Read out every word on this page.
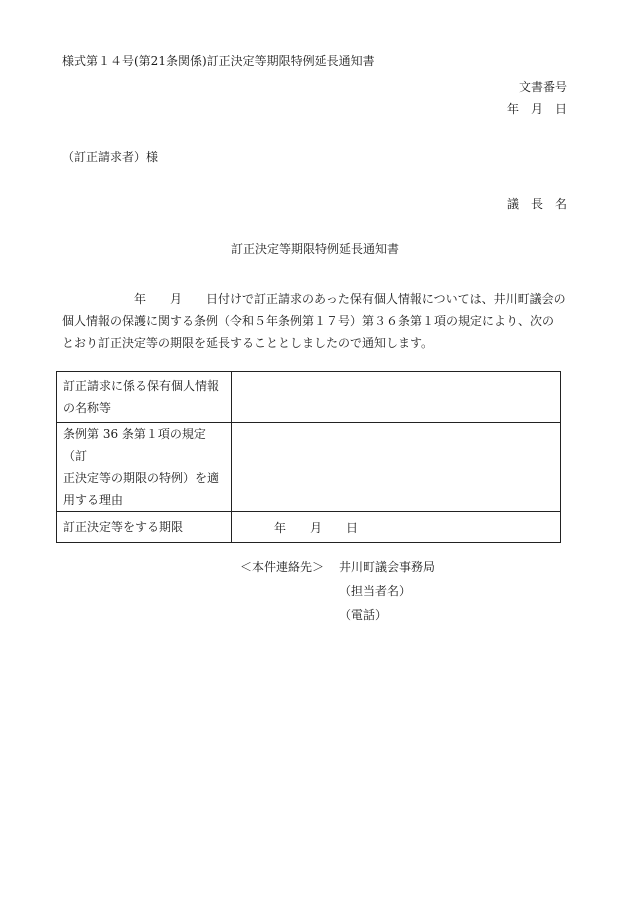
様式第１４号(第21条関係)訂正決定等期限特例延長通知書
文書番号
年　月　日
（訂正請求者）様
議　長　名
訂正決定等期限特例延長通知書
　　　　　　年　　月　　日付けで訂正請求のあった保有個人情報については、井川町議会の
個人情報の保護に関する条例（令和５年条例第１７号）第３６条第１項の規定により、次の
とおり訂正決定等の期限を延長することとしましたので通知します。
訂正請求に係る保有個人情報
の名称等	

条例第 36 条第１項の規定（訂
正決定等の期限の特例）を適
用する理由	

訂正決定等をする期限	年　　月　　日
＜本件連絡先＞ 井川町議会事務局
（担当者名）
（電話）
